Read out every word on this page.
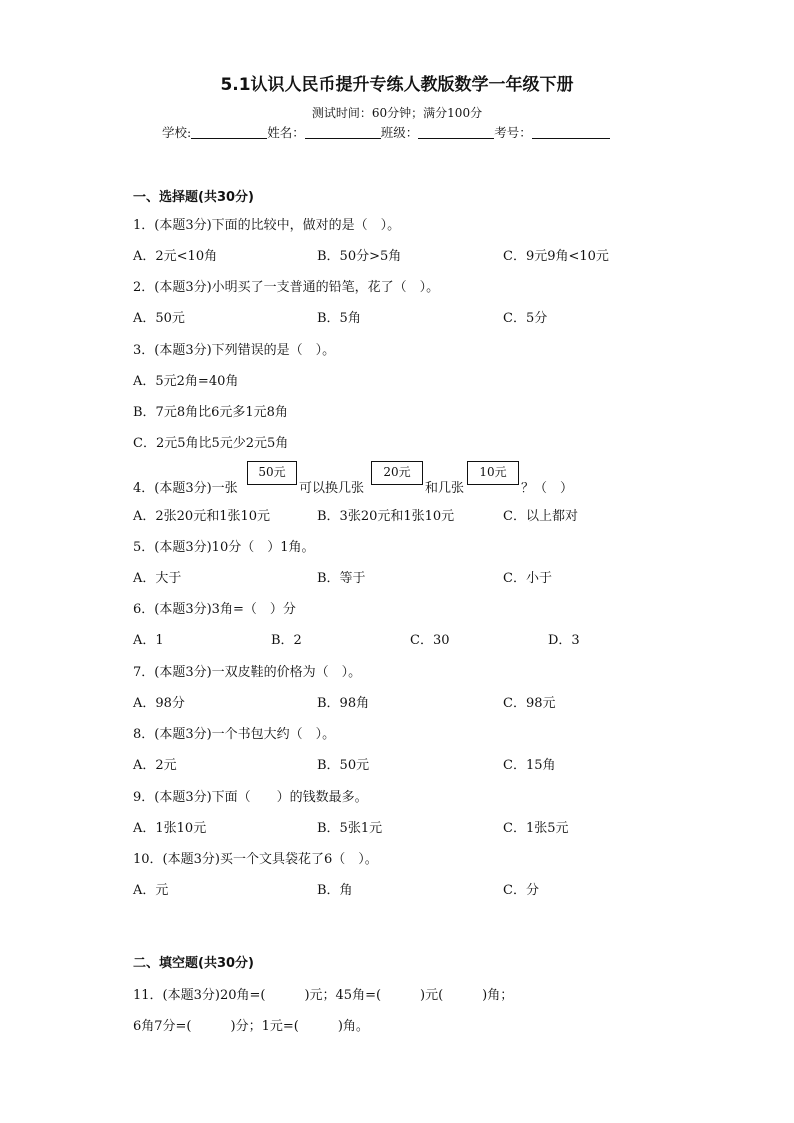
5.1认识人民币提升专练人教版数学一年级下册
测试时间：60分钟；满分100分
学校:	姓名：	班级：	考号：
一、选择题(共30分)
1．(本题3分)下面的比较中，做对的是（　）。
A．2元<10角	B．50分>5角	C．9元9角<10元
2．(本题3分)小明买了一支普通的铅笔，花了（　）。
A．50元	B．5角	C．5分
3．(本题3分)下列错误的是（　）。
A．5元2角=40角
B．7元8角比6元多1元8角
C．2元5角比5元少2元5角
4．(本题3分)一张
50元
可以换几张
20元
和几张
10元
？（　）
A．2张20元和1张10元	B．3张20元和1张10元	C．以上都对
5．(本题3分)10分（　）1角。
A．大于	B．等于	C．小于
6．(本题3分)3角=（　）分
A．1	B．2	C．30	D．3
7．(本题3分)一双皮鞋的价格为（　）。
A．98分	B．98角	C．98元
8．(本题3分)一个书包大约（　）。
A．2元	B．50元	C．15角
9．(本题3分)下面（　　）的钱数最多。
A．1张10元	B．5张1元	C．1张5元
10．(本题3分)买一个文具袋花了6（　）。
A．元	B．角	C．分
二、填空题(共30分)
11．(本题3分)20角=(　　　)元；45角=(　　　)元(　　　)角；
6角7分=(　　　)分；1元=(　　　)角。
